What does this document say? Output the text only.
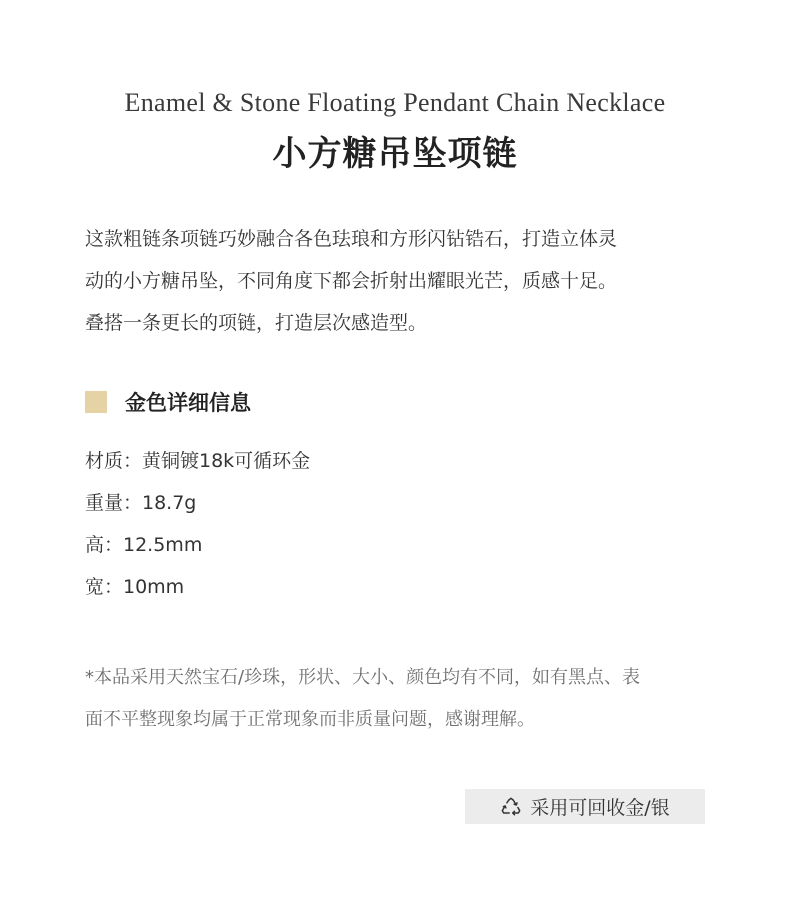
Enamel & Stone Floating Pendant Chain Necklace
小方糖吊坠项链

这款粗链条项链巧妙融合各色珐琅和方形闪钻锆石，打造立体灵
动的小方糖吊坠，不同角度下都会折射出耀眼光芒，质感十足。
叠搭一条更长的项链，打造层次感造型。

金色详细信息
材质：黄铜镀18k可循环金
重量：18.7g
高：12.5mm
宽：10mm

*本品采用天然宝石/珍珠，形状、大小、颜色均有不同，如有黑点、表
面不平整现象均属于正常现象而非质量问题，感谢理解。

采用可回收金/银
